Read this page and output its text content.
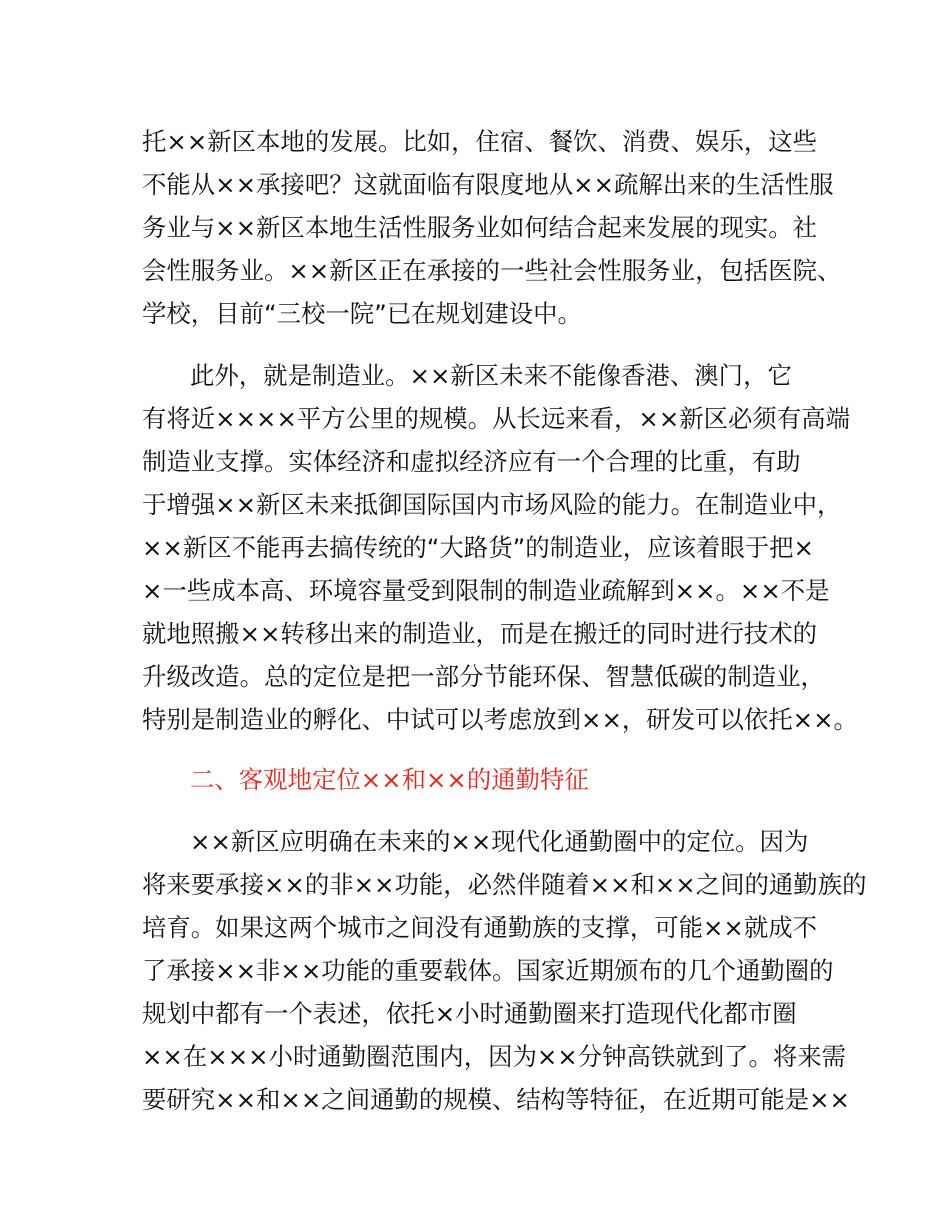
托××新区本地的发展。比如，住宿、餐饮、消费、娱乐，这些

不能从××承接吧？这就面临有限度地从××疏解出来的生活性服

务业与××新区本地生活性服务业如何结合起来发展的现实。社

会性服务业。××新区正在承接的一些社会性服务业，包括医院、

学校，目前“三校一院”已在规划建设中。

此外，就是制造业。××新区未来不能像香港、澳门，它

有将近××××平方公里的规模。从长远来看，××新区必须有高端

制造业支撑。实体经济和虚拟经济应有一个合理的比重，有助

于增强××新区未来抵御国际国内市场风险的能力。在制造业中，

××新区不能再去搞传统的“大路货”的制造业，应该着眼于把×

×一些成本高、环境容量受到限制的制造业疏解到××。××不是

就地照搬××转移出来的制造业，而是在搬迁的同时进行技术的

升级改造。总的定位是把一部分节能环保、智慧低碳的制造业，

特别是制造业的孵化、中试可以考虑放到××，研发可以依托××。

二、客观地定位××和××的通勤特征

××新区应明确在未来的××现代化通勤圈中的定位。因为

将来要承接××的非××功能，必然伴随着××和××之间的通勤族的

培育。如果这两个城市之间没有通勤族的支撑，可能××就成不

了承接××非××功能的重要载体。国家近期颁布的几个通勤圈的

规划中都有一个表述，依托×小时通勤圈来打造现代化都市圈

××在×××小时通勤圈范围内，因为××分钟高铁就到了。将来需

要研究××和××之间通勤的规模、结构等特征，在近期可能是××
